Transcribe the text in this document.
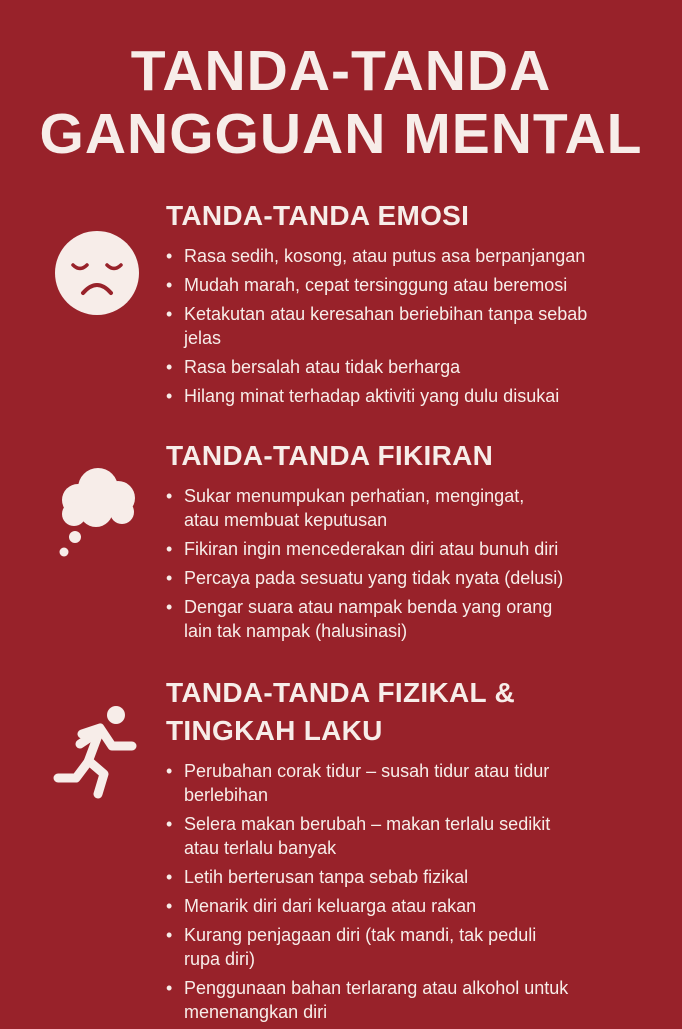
TANDA-TANDA
GANGGUAN MENTAL
TANDA-TANDA EMOSI
• Rasa sedih, kosong, atau putus asa berpanjangan
• Mudah marah, cepat tersinggung atau beremosi
• Ketakutan atau keresahan beriebihan tanpa sebab
jelas
• Rasa bersalah atau tidak berharga
• Hilang minat terhadap aktiviti yang dulu disukai
TANDA-TANDA FIKIRAN
• Sukar menumpukan perhatian, mengingat,
atau membuat keputusan
• Fikiran ingin mencederakan diri atau bunuh diri
• Percaya pada sesuatu yang tidak nyata (delusi)
• Dengar suara atau nampak benda yang orang
lain tak nampak (halusinasi)
TANDA-TANDA FIZIKAL &
TINGKAH LAKU
• Perubahan corak tidur – susah tidur atau tidur
berlebihan
• Selera makan berubah – makan terlalu sedikit
atau terlalu banyak
• Letih berterusan tanpa sebab fizikal
• Menarik diri dari keluarga atau rakan
• Kurang penjagaan diri (tak mandi, tak peduli
rupa diri)
• Penggunaan bahan terlarang atau alkohol untuk
menenangkan diri
